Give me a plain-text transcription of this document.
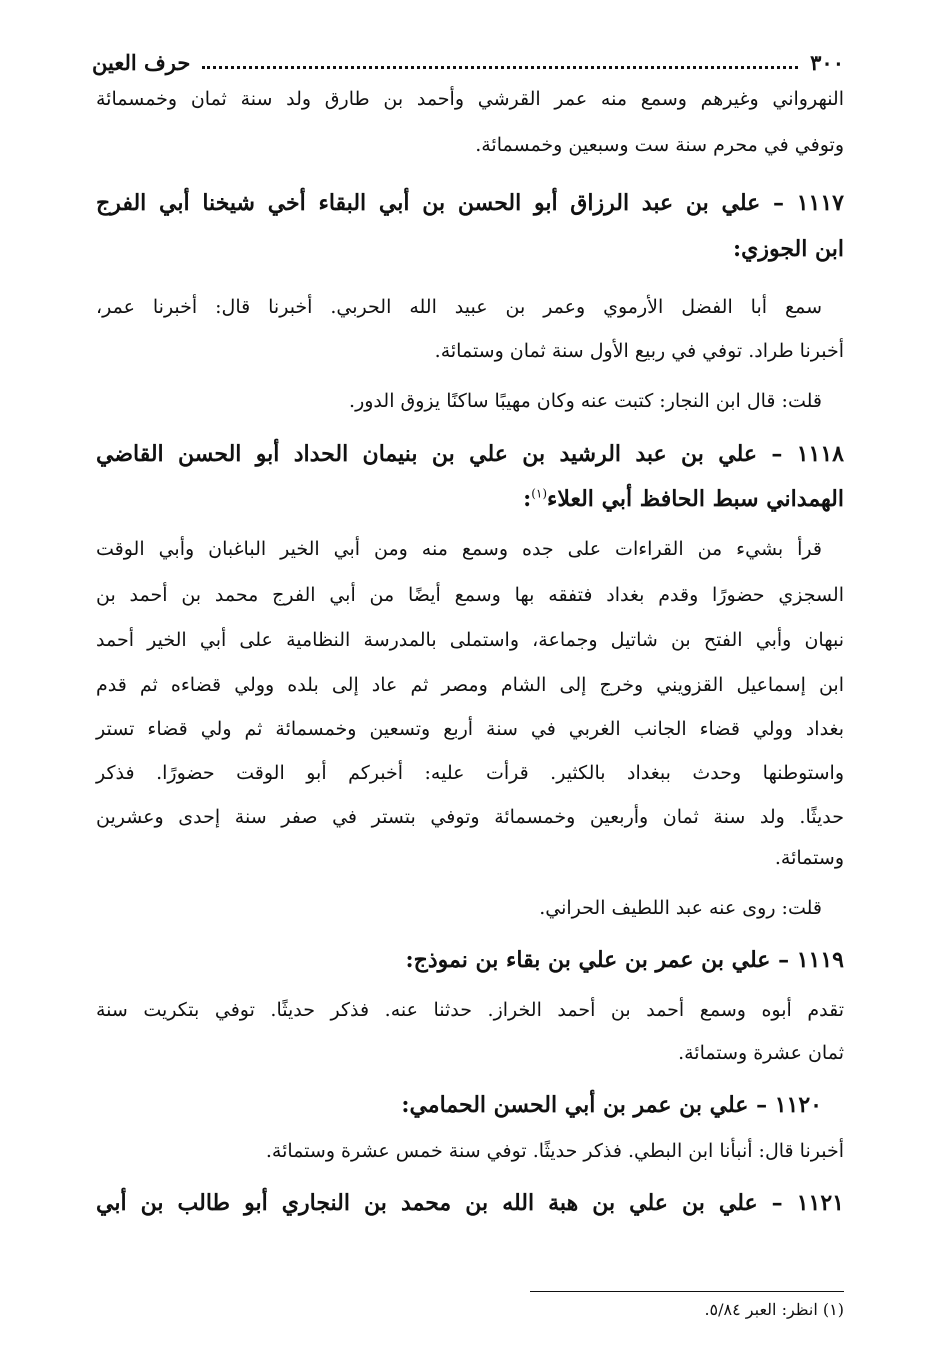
٣٠٠
حرف العين
النهرواني وغيرهم وسمع منه عمر القرشي وأحمد بن طارق ولد سنة ثمان وخمسمائة
وتوفي في محرم سنة ست وسبعين وخمسمائة.
١١١٧ – علي بن عبد الرزاق أبو الحسن بن أبي البقاء أخي شيخنا أبي الفرج
ابن الجوزي:
سمع أبا الفضل الأرموي وعمر بن عبيد الله الحربي. أخبرنا قال: أخبرنا عمر،
أخبرنا طراد. توفي في ربيع الأول سنة ثمان وستمائة.
قلت: قال ابن النجار: كتبت عنه وكان مهيبًا ساكنًا يزوق الدور.
١١١٨ – علي بن عبد الرشيد بن علي بن بنيمان الحداد أبو الحسن القاضي
الهمداني سبط الحافظ أبي العلاء$^{(١)}$:
قرأ بشيء من القراءات على جده وسمع منه ومن أبي الخير الباغبان وأبي الوقت
السجزي حضورًا وقدم بغداد فتفقه بها وسمع أيضًا من أبي الفرج محمد بن أحمد بن
نبهان وأبي الفتح بن شاتيل وجماعة، واستملى بالمدرسة النظامية على أبي الخير أحمد
ابن إسماعيل القزويني وخرج إلى الشام ومصر ثم عاد إلى بلده وولي قضاءه ثم قدم
بغداد وولي قضاء الجانب الغربي في سنة أربع وتسعين وخمسمائة ثم ولي قضاء تستر
واستوطنها وحدث ببغداد بالكثير. قرأت عليه: أخبركم أبو الوقت حضورًا. فذكر
حديثًا. ولد سنة ثمان وأربعين وخمسمائة وتوفي بتستر في صفر سنة إحدى وعشرين
وستمائة.
قلت: روى عنه عبد اللطيف الحراني.
١١١٩ – علي بن عمر بن علي بن بقاء بن نموذج:
تقدم أبوه وسمع أحمد بن أحمد الخراز. حدثنا عنه. فذكر حديثًا. توفي بتكريت سنة
ثمان عشرة وستمائة.
١١٢٠ – علي بن عمر بن أبي الحسن الحمامي:
أخبرنا قال: أنبأنا ابن البطي. فذكر حديثًا. توفي سنة خمس عشرة وستمائة.
١١٢١ – علي بن علي بن هبة الله بن محمد بن النجاري أبو طالب بن أبي
(١) انظر: العبر ٥/٨٤.
